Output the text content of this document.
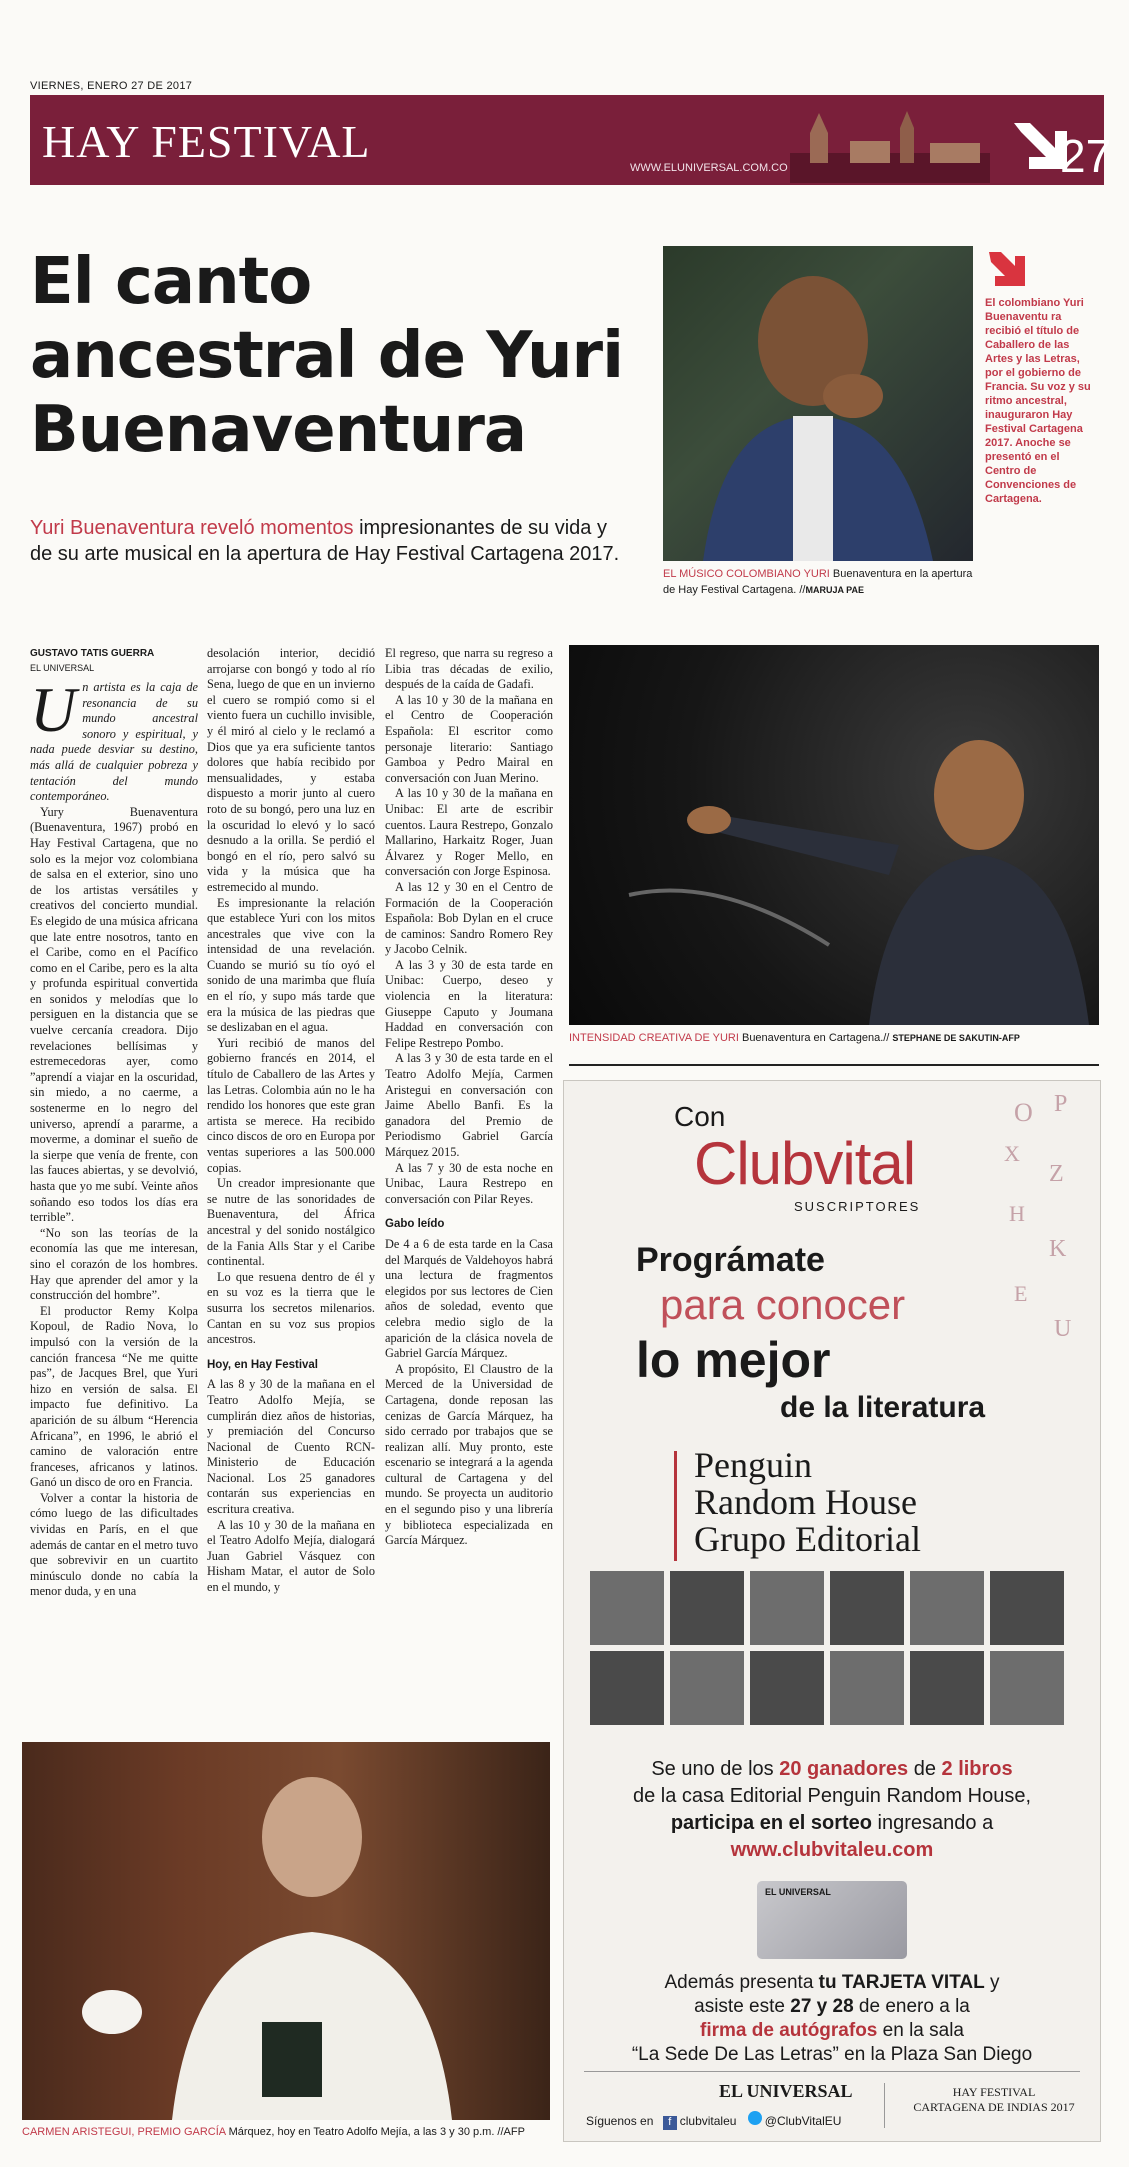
VIERNES, ENERO 27 DE 2017
HAY FESTIVAL
WWW.ELUNIVERSAL.COM.CO	27
El canto ancestral de Yuri Buenaventura
Yuri Buenaventura reveló momentos impresionantes de su vida y de su arte musical en la apertura de Hay Festival Cartagena 2017.
EL MÚSICO COLOMBIANO YURI Buenaventura en la apertura de Hay Festival Cartagena. //MARUJA PAE
El colombiano Yuri Buenaventu ra recibió el título de Caballero de las Artes y las Letras, por el gobierno de Francia. Su voz y su ritmo ancestral, inauguraron Hay Festival Cartagena 2017. Anoche se presentó en el Centro de Convenciones de Cartagena.
GUSTAVO TATIS GUERRA
EL UNIVERSAL

Un artista es la caja de resonancia de su mundo ancestral sonoro y espiritual, y nada puede desviar su destino, más allá de cualquier pobreza y tentación del mundo contemporáneo.

Yury Buenaventura (Buenaventura, 1967) probó en Hay Festival Cartagena, que no solo es la mejor voz colombiana de salsa en el exterior, sino uno de los artistas versátiles y creativos del concierto mundial. Es elegido de una música africana que late entre nosotros, tanto en el Caribe, como en el Pacífico como en el Caribe, pero es la alta y profunda espiritual convertida en sonidos y melodías que lo persiguen en la distancia que se vuelve cercanía creadora. Dijo revelaciones bellísimas y estremecedoras ayer, como ”aprendí a viajar en la oscuridad, sin miedo, a no caerme, a sostenerme en lo negro del universo, aprendí a pararme, a moverme, a dominar el sueño de la sierpe que venía de frente, con las fauces abiertas, y se devolvió, hasta que yo me subí. Veinte años soñando eso todos los días era terrible”.

“No son las teorías de la economía las que me interesan, sino el corazón de los hombres. Hay que aprender del amor y la construcción del hombre”.

El productor Remy Kolpa Kopoul, de Radio Nova, lo impulsó con la versión de la canción francesa “Ne me quitte pas”, de Jacques Brel, que Yuri hizo en versión de salsa. El impacto fue definitivo. La aparición de su álbum “Herencia Africana”, en 1996, le abrió el camino de valoración entre franceses, africanos y latinos. Ganó un disco de oro en Francia.

Volver a contar la historia de cómo luego de las dificultades vividas en París, en el que además de cantar en el metro tuvo que sobrevivir en un cuartito minúsculo donde no cabía la menor duda, y en una

desolación interior, decidió arrojarse con bongó y todo al río Sena, luego de que en un invierno el cuero se rompió como si el viento fuera un cuchillo invisible, y él miró al cielo y le reclamó a Dios que ya era suficiente tantos dolores que había recibido por mensualidades, y estaba dispuesto a morir junto al cuero roto de su bongó, pero una luz en la oscuridad lo elevó y lo sacó desnudo a la orilla. Se perdió el bongó en el río, pero salvó su vida y la música que ha estremecido al mundo.

Es impresionante la relación que establece Yuri con los mitos ancestrales que vive con la intensidad de una revelación. Cuando se murió su tío oyó el sonido de una marimba que fluía en el río, y supo más tarde que era la música de las piedras que se deslizaban en el agua.

Yuri recibió de manos del gobierno francés en 2014, el título de Caballero de las Artes y las Letras. Colombia aún no le ha rendido los honores que este gran artista se merece. Ha recibido cinco discos de oro en Europa por ventas superiores a las 500.000 copias.

Un creador impresionante que se nutre de las sonoridades de Buenaventura, del África ancestral y del sonido nostálgico de la Fania Alls Star y el Caribe continental.

Lo que resuena dentro de él y en su voz es la tierra que le susurra los secretos milenarios. Cantan en su voz sus propios ancestros.

Hoy, en Hay Festival

A las 8 y 30 de la mañana en el Teatro Adolfo Mejía, se cumplirán diez años de historias, y premiación del Concurso Nacional de Cuento RCN-Ministerio de Educación Nacional. Los 25 ganadores contarán sus experiencias en escritura creativa.

A las 10 y 30 de la mañana en el Teatro Adolfo Mejía, dialogará Juan Gabriel Vásquez con Hisham Matar, el autor de Solo en el mundo, y

El regreso, que narra su regreso a Libia tras décadas de exilio, después de la caída de Gadafi.

A las 10 y 30 de la mañana en el Centro de Cooperación Española: El escritor como personaje literario: Santiago Gamboa y Pedro Mairal en conversación con Juan Merino.

A las 10 y 30 de la mañana en Unibac: El arte de escribir cuentos. Laura Restrepo, Gonzalo Mallarino, Harkaitz Roger, Juan Álvarez y Roger Mello, en conversación con Jorge Espinosa.

A las 12 y 30 en el Centro de Formación de la Cooperación Española: Bob Dylan en el cruce de caminos: Sandro Romero Rey y Jacobo Celnik.

A las 3 y 30 de esta tarde en Unibac: Cuerpo, deseo y violencia en la literatura: Giuseppe Caputo y Joumana Haddad en conversación con Felipe Restrepo Pombo.

A las 3 y 30 de esta tarde en el Teatro Adolfo Mejía, Carmen Aristegui en conversación con Jaime Abello Banfi. Es la ganadora del Premio de Periodismo Gabriel García Márquez 2015.

A las 7 y 30 de esta noche en Unibac, Laura Restrepo en conversación con Pilar Reyes.

Gabo leído

De 4 a 6 de esta tarde en la Casa del Marqués de Valdehoyos habrá una lectura de fragmentos elegidos por sus lectores de Cien años de soledad, evento que celebra medio siglo de la aparición de la clásica novela de Gabriel García Márquez.

A propósito, El Claustro de la Merced de la Universidad de Cartagena, donde reposan las cenizas de García Márquez, ha sido cerrado por trabajos que se realizan allí. Muy pronto, este escenario se integrará a la agenda cultural de Cartagena y del mundo. Se proyecta un auditorio en el segundo piso y una librería y biblioteca especializada en García Márquez.

INTENSIDAD CREATIVA DE YURI Buenaventura en Cartagena.// STEPHANE DE SAKUTIN-AFP
CARMEN ARISTEGUI, PREMIO GARCÍA Márquez, hoy en Teatro Adolfo Mejía, a las 3 y 30 p.m. //AFP
Con
Clubvital
SUSCRIPTORES
O P
X
Z
H
K
E
U
Prográmate
para conocer
lo mejor
de la literatura
Penguin
Random House
Grupo Editorial
Se uno de los 20 ganadores de 2 libros
de la casa Editorial Penguin Random House,
participa en el sorteo ingresando a
www.clubvitaleu.com
EL UNIVERSAL
Además presenta tu TARJETA VITAL y
asiste este 27 y 28 de enero a la
firma de autógrafos en la sala
“La Sede De Las Letras” en la Plaza San Diego
EL UNIVERSAL
Síguenos en f clubvitaleu @ClubVitalEU
HAY FESTIVAL
CARTAGENA DE INDIAS 2017
